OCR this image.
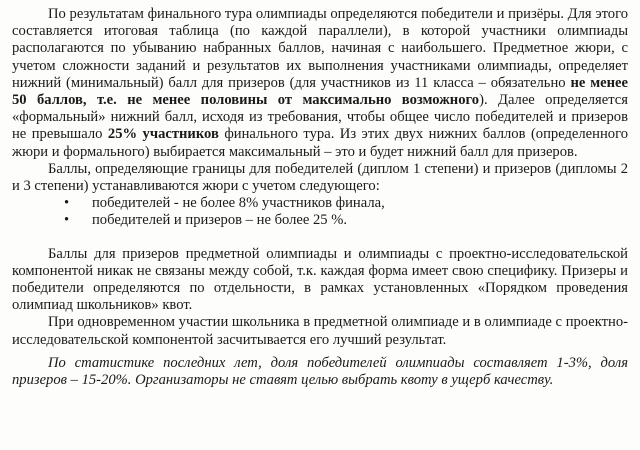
По результатам финального тура олимпиады определяются победители и призёры. Для этого составляется итоговая таблица (по каждой параллели), в которой участники олимпиады располагаются по убыванию набранных баллов, начиная с наибольшего. Предметное жюри, с учетом сложности заданий и результатов их выполнения участниками олимпиады, определяет нижний (минимальный) балл для призеров (для участников из 11 класса – обязательно не менее 50 баллов, т.е. не менее половины от максимально возможного). Далее определяется «формальный» нижний балл, исходя из требования, чтобы общее число победителей и призеров не превышало 25% участников финального тура. Из этих двух нижних баллов (определенного жюри и формального) выбирается максимальный – это и будет нижний балл для призеров.

Баллы, определяющие границы для победителей (диплом 1 степени) и призеров (дипломы 2 и 3 степени) устанавливаются жюри с учетом следующего:

• победителей - не более 8% участников финала,
• победителей и призеров – не более 25 %.

Баллы для призеров предметной олимпиады и олимпиады с проектно-исследовательской компонентой никак не связаны между собой, т.к. каждая форма имеет свою специфику. Призеры и победители определяются по отдельности, в рамках установленных «Порядком проведения олимпиад школьников» квот.

При одновременном участии школьника в предметной олимпиаде и в олимпиаде с проектно-исследовательской компонентой засчитывается его лучший результат.

По статистике последних лет, доля победителей олимпиады составляет 1-3%, доля призеров – 15-20%. Организаторы не ставят целью выбрать квоту в ущерб качеству.
